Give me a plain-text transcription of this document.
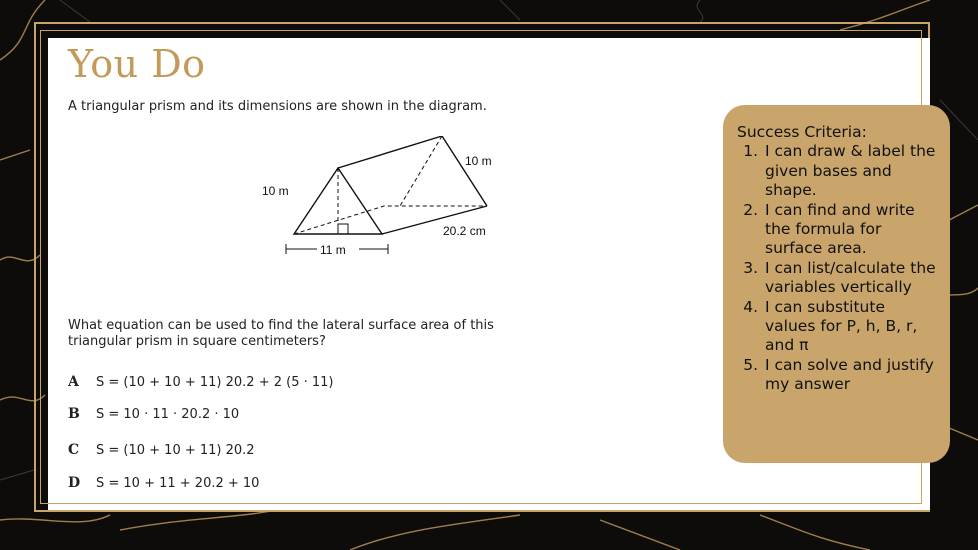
You Do
A triangular prism and its dimensions are shown in the diagram.
10 m
10 m
20.2 cm
11 m
What equation can be used to find the lateral surface area of this triangular prism in square centimeters?
A S = (10 + 10 + 11) 20.2 + 2 (5 · 11)
B S = 10 · 11 · 20.2 · 10
C S = (10 + 10 + 11) 20.2
D S = 10 + 11 + 20.2 + 10
Success Criteria:
1. I can draw & label the given bases and shape.
2. I can find and write the formula for surface area.
3. I can list/calculate the variables vertically
4. I can substitute values for P, h, B, r, and π
5. I can solve and justify my answer
